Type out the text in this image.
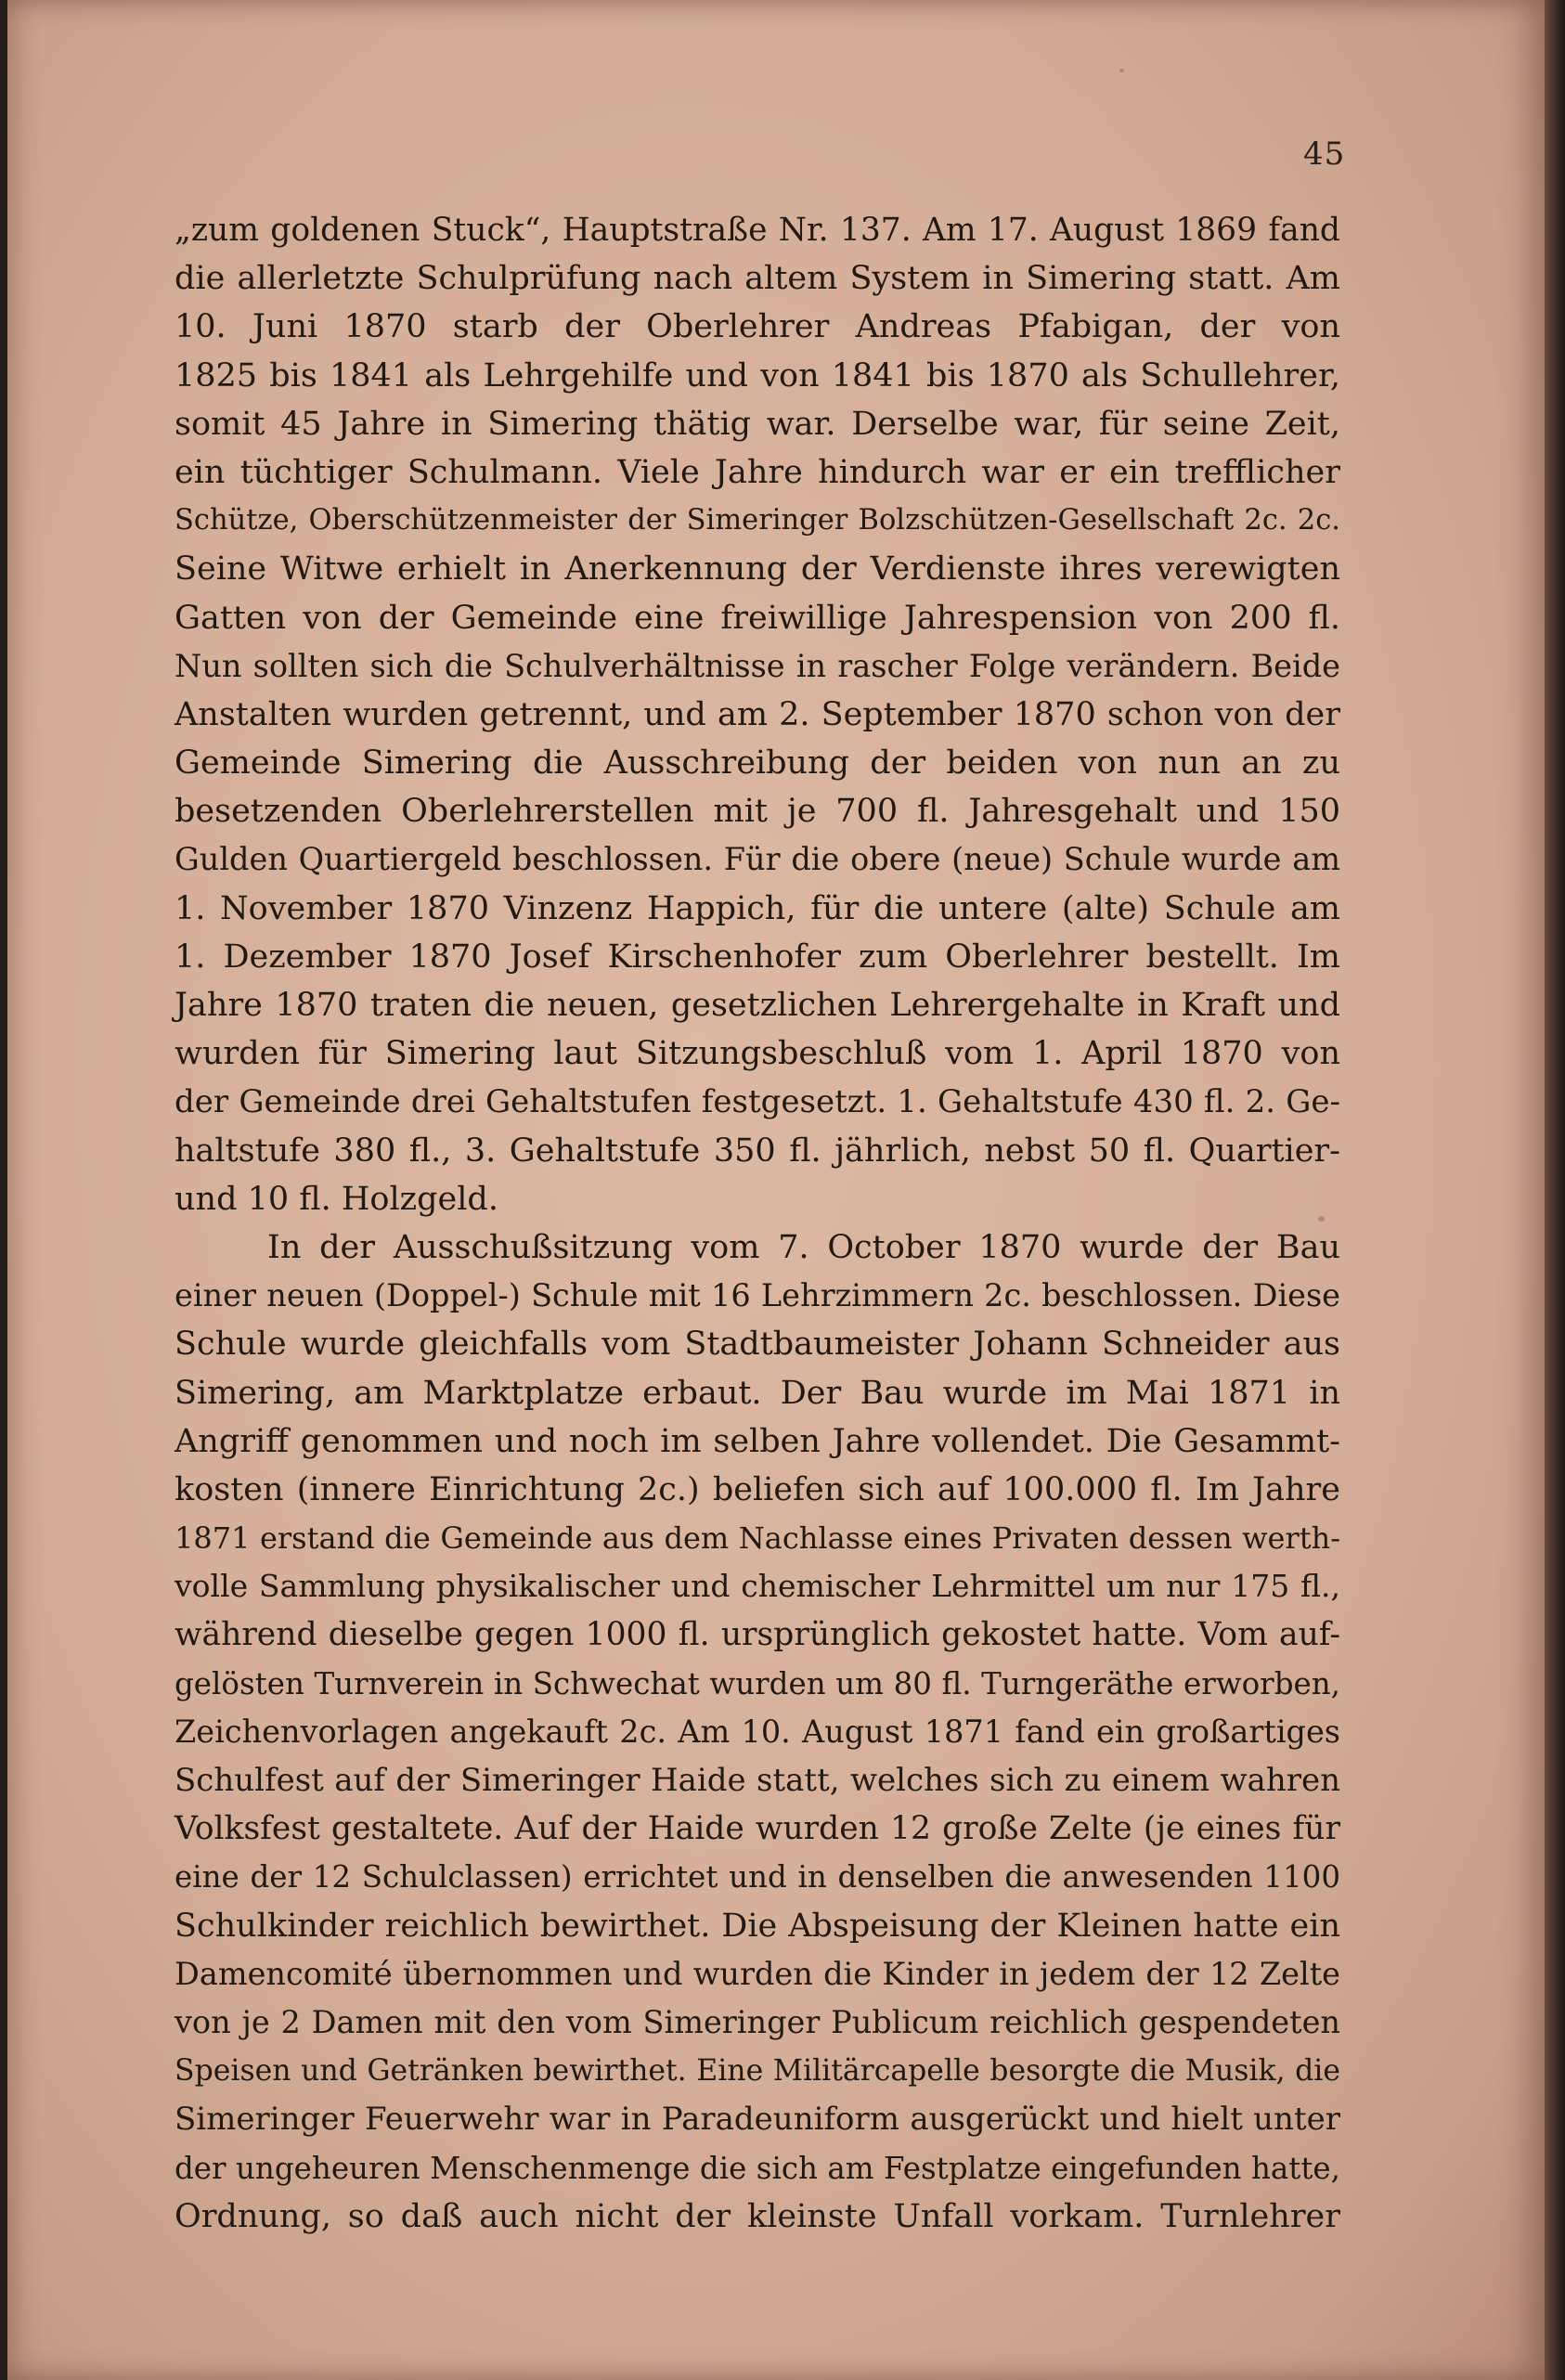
45
„zum goldenen Stuck“, Hauptstraße Nr. 137. Am 17. August 1869 fand
die allerletzte Schulprüfung nach altem System in Simering statt. Am
10. Juni 1870 starb der Oberlehrer Andreas Pfabigan, der von
1825 bis 1841 als Lehrgehilfe und von 1841 bis 1870 als Schullehrer,
somit 45 Jahre in Simering thätig war. Derselbe war, für seine Zeit,
ein tüchtiger Schulmann. Viele Jahre hindurch war er ein trefflicher
Schütze, Oberschützenmeister der Simeringer Bolzschützen-Gesellschaft 2c. 2c.
Seine Witwe erhielt in Anerkennung der Verdienste ihres verewigten
Gatten von der Gemeinde eine freiwillige Jahrespension von 200 fl.
Nun sollten sich die Schulverhältnisse in rascher Folge verändern. Beide
Anstalten wurden getrennt, und am 2. September 1870 schon von der
Gemeinde Simering die Ausschreibung der beiden von nun an zu
besetzenden Oberlehrerstellen mit je 700 fl. Jahresgehalt und 150
Gulden Quartiergeld beschlossen. Für die obere (neue) Schule wurde am
1. November 1870 Vinzenz Happich, für die untere (alte) Schule am
1. Dezember 1870 Josef Kirschenhofer zum Oberlehrer bestellt. Im
Jahre 1870 traten die neuen, gesetzlichen Lehrergehalte in Kraft und
wurden für Simering laut Sitzungsbeschluß vom 1. April 1870 von
der Gemeinde drei Gehaltstufen festgesetzt. 1. Gehaltstufe 430 fl. 2. Ge-
haltstufe 380 fl., 3. Gehaltstufe 350 fl. jährlich, nebst 50 fl. Quartier-
und 10 fl. Holzgeld.
In der Ausschußsitzung vom 7. October 1870 wurde der Bau
einer neuen (Doppel-) Schule mit 16 Lehrzimmern 2c. beschlossen. Diese
Schule wurde gleichfalls vom Stadtbaumeister Johann Schneider aus
Simering, am Marktplatze erbaut. Der Bau wurde im Mai 1871 in
Angriff genommen und noch im selben Jahre vollendet. Die Gesammt-
kosten (innere Einrichtung 2c.) beliefen sich auf 100.000 fl. Im Jahre
1871 erstand die Gemeinde aus dem Nachlasse eines Privaten dessen werth-
volle Sammlung physikalischer und chemischer Lehrmittel um nur 175 fl.,
während dieselbe gegen 1000 fl. ursprünglich gekostet hatte. Vom auf-
gelösten Turnverein in Schwechat wurden um 80 fl. Turngeräthe erworben,
Zeichenvorlagen angekauft 2c. Am 10. August 1871 fand ein großartiges
Schulfest auf der Simeringer Haide statt, welches sich zu einem wahren
Volksfest gestaltete. Auf der Haide wurden 12 große Zelte (je eines für
eine der 12 Schulclassen) errichtet und in denselben die anwesenden 1100
Schulkinder reichlich bewirthet. Die Abspeisung der Kleinen hatte ein
Damencomité übernommen und wurden die Kinder in jedem der 12 Zelte
von je 2 Damen mit den vom Simeringer Publicum reichlich gespendeten
Speisen und Getränken bewirthet. Eine Militärcapelle besorgte die Musik, die
Simeringer Feuerwehr war in Paradeuniform ausgerückt und hielt unter
der ungeheuren Menschenmenge die sich am Festplatze eingefunden hatte,
Ordnung, so daß auch nicht der kleinste Unfall vorkam. Turnlehrer
